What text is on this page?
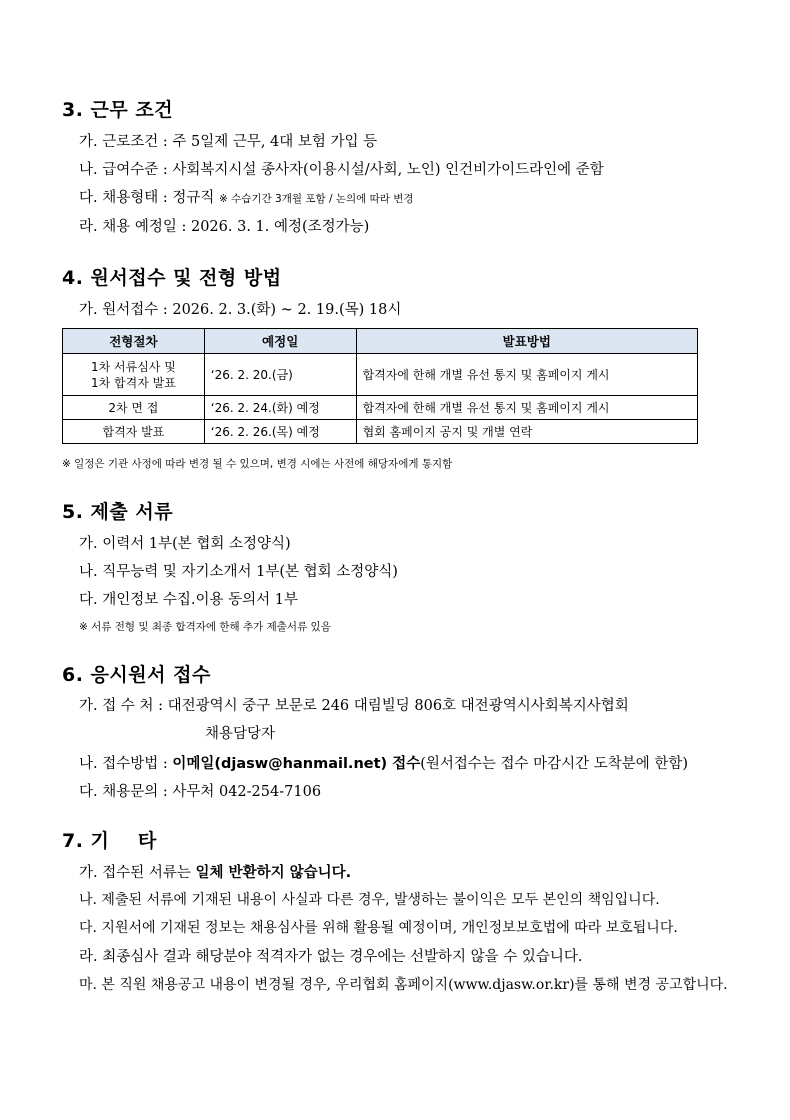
3. 근무 조건
가. 근로조건 : 주 5일제 근무, 4대 보험 가입 등
나. 급여수준 : 사회복지시설 종사자(이용시설/사회, 노인) 인건비가이드라인에 준함
다. 채용형태 : 정규직 ※ 수습기간 3개월 포함 / 논의에 따라 변경
라. 채용 예정일 : 2026. 3. 1. 예정(조정가능)
4. 원서접수 및 전형 방법
가. 원서접수 : 2026. 2. 3.(화) ~ 2. 19.(목) 18시
전형절차	예정일	발표방법

1차 서류심사 및
1차 합격자 발표	‘26. 2. 20.(금)	합격자에 한해 개별 유선 통지 및 홈페이지 게시
2차 면 접	‘26. 2. 24.(화) 예정	합격자에 한해 개별 유선 통지 및 홈페이지 게시
합격자 발표	‘26. 2. 26.(목) 예정	협회 홈페이지 공지 및 개별 연락
※ 일정은 기관 사정에 따라 변경 될 수 있으며, 변경 시에는 사전에 해당자에게 통지함
5. 제출 서류
가. 이력서 1부(본 협회 소정양식)
나. 직무능력 및 자기소개서 1부(본 협회 소정양식)
다. 개인정보 수집.이용 동의서 1부
※ 서류 전형 및 최종 합격자에 한해 추가 제출서류 있음
6. 응시원서 접수
가. 접 수 처 : 대전광역시 중구 보문로 246 대림빌딩 806호 대전광역시사회복지사협회
채용담당자
나. 접수방법 : 이메일(djasw@hanmail.net) 접수(원서접수는 접수 마감시간 도착분에 한함)
다. 채용문의 : 사무처 042-254-7106
7. 기    타
가. 접수된 서류는 일체 반환하지 않습니다.
나. 제출된 서류에 기재된 내용이 사실과 다른 경우, 발생하는 불이익은 모두 본인의 책임입니다.
다. 지원서에 기재된 정보는 채용심사를 위해 활용될 예정이며, 개인정보보호법에 따라 보호됩니다.
라. 최종심사 결과 해당분야 적격자가 없는 경우에는 선발하지 않을 수 있습니다.
마. 본 직원 채용공고 내용이 변경될 경우, 우리협회 홈페이지(www.djasw.or.kr)를 통해 변경 공고합니다.
